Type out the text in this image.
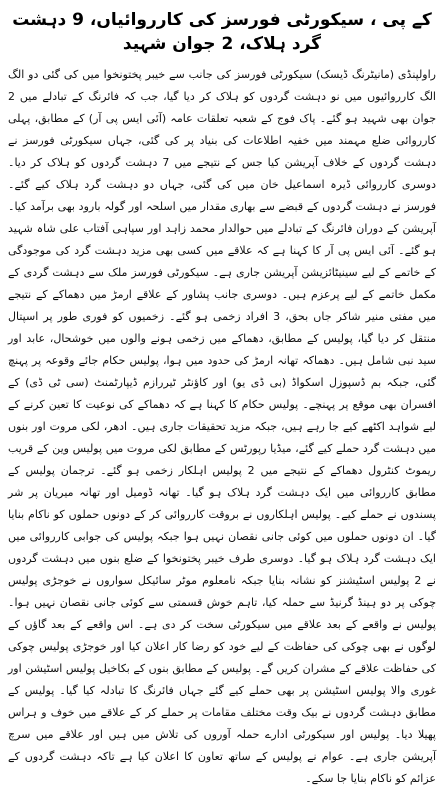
کے پی ، سیکورٹی فورسز کی کارروائیاں، 9 دہشت گرد ہلاک، 2 جوان شہید

راولپنڈی (مانیٹرنگ ڈیسک) سیکورٹی فورسز کی جانب سے خیبر پختونخوا میں کی گئی دو الگ الگ کارروائیوں میں نو دہشت گردوں کو ہلاک کر دیا گیا، جب کہ فائرنگ کے تبادلے میں 2 جوان بھی شہید ہو گئے۔ پاک فوج کے شعبہ تعلقات عامہ (آئی ایس پی آر) کے مطابق، پہلی کارروائی ضلع مہمند میں خفیہ اطلاعات کی بنیاد پر کی گئی، جہاں سیکورٹی فورسز نے دہشت گردوں کے خلاف آپریشن کیا جس کے نتیجے میں 7 دہشت گردوں کو ہلاک کر دیا۔ دوسری کارروائی ڈیرہ اسماعیل خان میں کی گئی، جہاں دو دہشت گرد ہلاک کیے گئے۔ فورسز نے دہشت گردوں کے قبضے سے بھاری مقدار میں اسلحہ اور گولہ بارود بھی برآمد کیا۔ آپریشن کے دوران فائرنگ کے تبادلے میں حوالدار محمد زاہد اور سپاہی آفتاب علی شاہ شہید ہو گئے۔ آئی ایس پی آر کا کہنا ہے کہ علاقے میں کسی بھی مزید دہشت گرد کی موجودگی کے خاتمے کے لیے سینیٹائزیشن آپریشن جاری ہے۔ سیکورٹی فورسز ملک سے دہشت گردی کے مکمل خاتمے کے لیے پرعزم ہیں۔ دوسری جانب پشاور کے علاقے ارمڑ میں دھماکے کے نتیجے میں مفتی منیر شاکر جاں بحق، 3 افراد زخمی ہو گئے۔ زخمیوں کو فوری طور پر اسپتال منتقل کر دیا گیا، پولیس کے مطابق، دھماکے میں زخمی ہونے والوں میں خوشحال، عابد اور سید نبی شامل ہیں۔ دھماکہ تھانہ ارمڑ کی حدود میں ہوا، پولیس حکام جائے وقوعہ پر پہنچ گئی، جبکہ بم ڈسپوزل اسکواڈ (بی ڈی یو) اور کاؤنٹر ٹیررازم ڈیپارٹمنٹ (سی ٹی ڈی) کے افسران بھی موقع پر پہنچے۔ پولیس حکام کا کہنا ہے کہ دھماکے کی نوعیت کا تعین کرنے کے لیے شواہد اکٹھے کیے جا رہے ہیں، جبکہ مزید تحقیقات جاری ہیں۔ ادھر، لکی مروت اور بنوں میں دہشت گرد حملے کیے گئے، میڈیا رپورٹس کے مطابق لکی مروت میں پولیس وین کے قریب ریموٹ کنٹرول دھماکے کے نتیجے میں 2 پولیس اہلکار زخمی ہو گئے۔ ترجمان پولیس کے مطابق کارروائی میں ایک دہشت گرد ہلاک ہو گیا۔ تھانہ ڈومیل اور تھانہ میریان پر شر پسندوں نے حملے کیے۔ پولیس اہلکاروں نے بروقت کارروائی کر کے دونوں حملوں کو ناکام بنایا گیا۔ ان دونوں حملوں میں کوئی جانی نقصان نہیں ہوا جبکہ پولیس کی جوابی کارروائی میں ایک دہشت گرد ہلاک ہو گیا۔ دوسری طرف خیبر پختونخوا کے ضلع بنوں میں دہشت گردوں نے 2 پولیس اسٹیشنز کو نشانہ بنایا جبکہ نامعلوم موٹر سائیکل سواروں نے خوجڑی پولیس چوکی پر دو ہینڈ گرنیڈ سے حملہ کیا، تاہم خوش قسمتی سے کوئی جانی نقصان نہیں ہوا۔ پولیس نے واقعے کے بعد علاقے میں سیکورٹی سخت کر دی ہے۔ اس واقعے کے بعد گاؤں کے لوگوں نے بھی چوکی کی حفاظت کے لیے خود کو رضا کار اعلان کیا اور خوجڑی پولیس چوکی کی حفاظت علاقے کے مشران کریں گے۔ پولیس کے مطابق بنوں کے بکاخیل پولیس اسٹیشن اور غوری والا پولیس اسٹیشن پر بھی حملے کیے گئے جہاں فائرنگ کا تبادلہ کیا گیا۔ پولیس کے مطابق دہشت گردوں نے بیک وقت مختلف مقامات پر حملے کر کے علاقے میں خوف و ہراس پھیلا دیا۔ پولیس اور سیکورٹی ادارے حملہ آوروں کی تلاش میں ہیں اور علاقے میں سرچ آپریشن جاری ہے۔ عوام نے پولیس کے ساتھ تعاون کا اعلان کیا ہے تاکہ دہشت گردوں کے عزائم کو ناکام بنایا جا سکے۔
